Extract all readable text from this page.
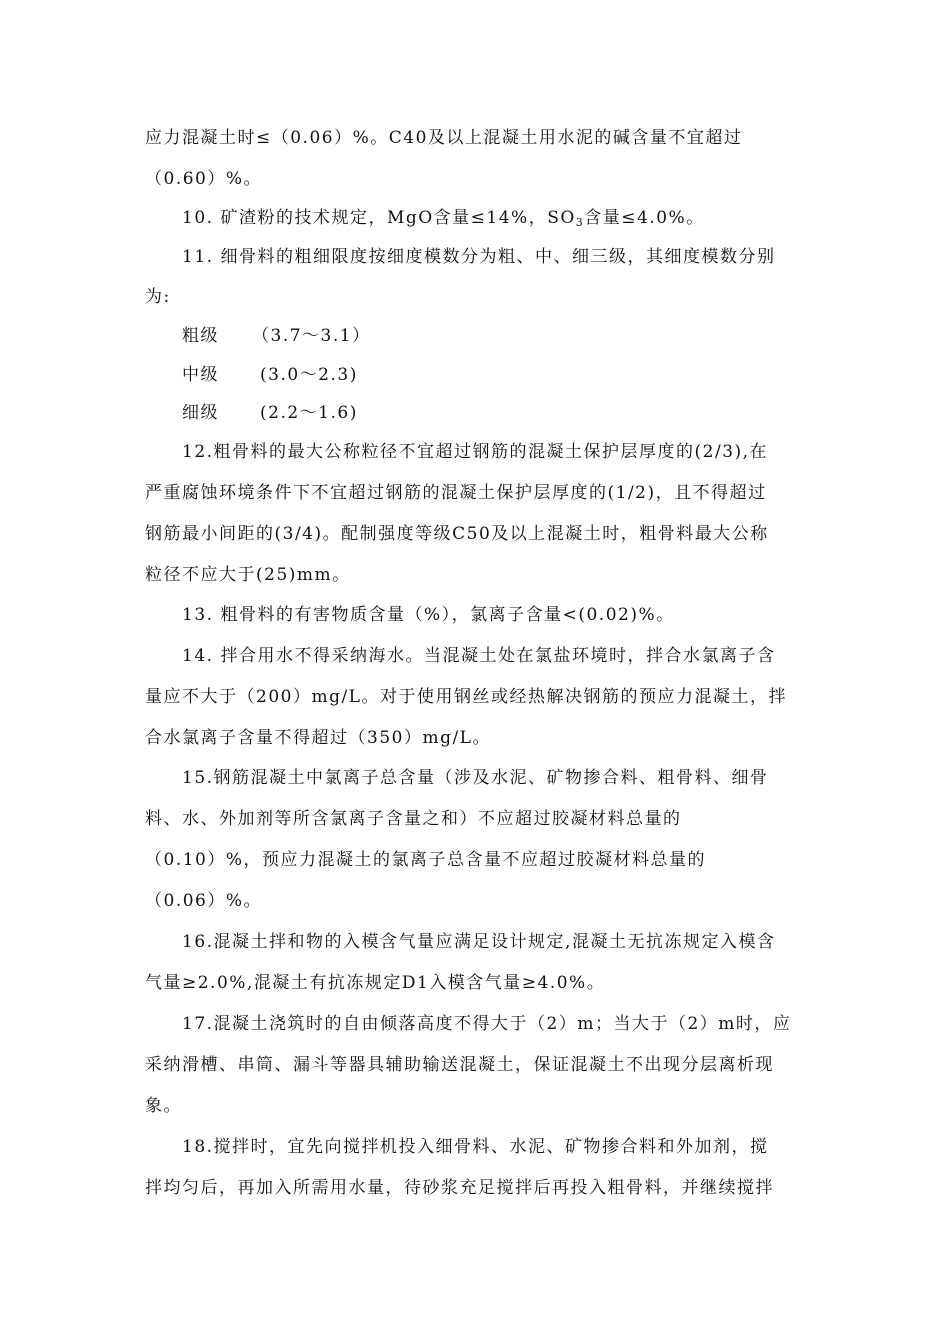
应力混凝土时≤（0.06）%。C40及以上混凝土用水泥的碱含量不宜超过
（0.60）%。
10. 矿渣粉的技术规定，MgO含量≤14%，$SO_3$含量≤4.0%。
11. 细骨料的粗细限度按细度模数分为粗、中、细三级，其细度模数分别
为:
粗级 （3.7～3.1）
中级 (3.0～2.3)
细级 (2.2～1.6)
12.粗骨料的最大公称粒径不宜超过钢筋的混凝土保护层厚度的(2/3),在
严重腐蚀环境条件下不宜超过钢筋的混凝土保护层厚度的(1/2)，且不得超过
钢筋最小间距的(3/4)。配制强度等级C50及以上混凝土时，粗骨料最大公称
粒径不应大于(25)mm。
13. 粗骨料的有害物质含量（%），氯离子含量<(0.02)%。
14. 拌合用水不得采纳海水。当混凝土处在氯盐环境时，拌合水氯离子含
量应不大于（200）mg/L。对于使用钢丝或经热解决钢筋的预应力混凝土，拌
合水氯离子含量不得超过（350）mg/L。
15.钢筋混凝土中氯离子总含量（涉及水泥、矿物掺合料、粗骨料、细骨
料、水、外加剂等所含氯离子含量之和）不应超过胶凝材料总量的
（0.10）%，预应力混凝土的氯离子总含量不应超过胶凝材料总量的
（0.06）%。
16.混凝土拌和物的入模含气量应满足设计规定,混凝土无抗冻规定入模含
气量≥2.0%,混凝土有抗冻规定D1入模含气量≥4.0%。
17.混凝土浇筑时的自由倾落高度不得大于（2）m；当大于（2）m时，应
采纳滑槽、串筒、漏斗等器具辅助输送混凝土，保证混凝土不出现分层离析现
象。
18.搅拌时，宜先向搅拌机投入细骨料、水泥、矿物掺合料和外加剂，搅
拌均匀后，再加入所需用水量，待砂浆充足搅拌后再投入粗骨料，并继续搅拌
